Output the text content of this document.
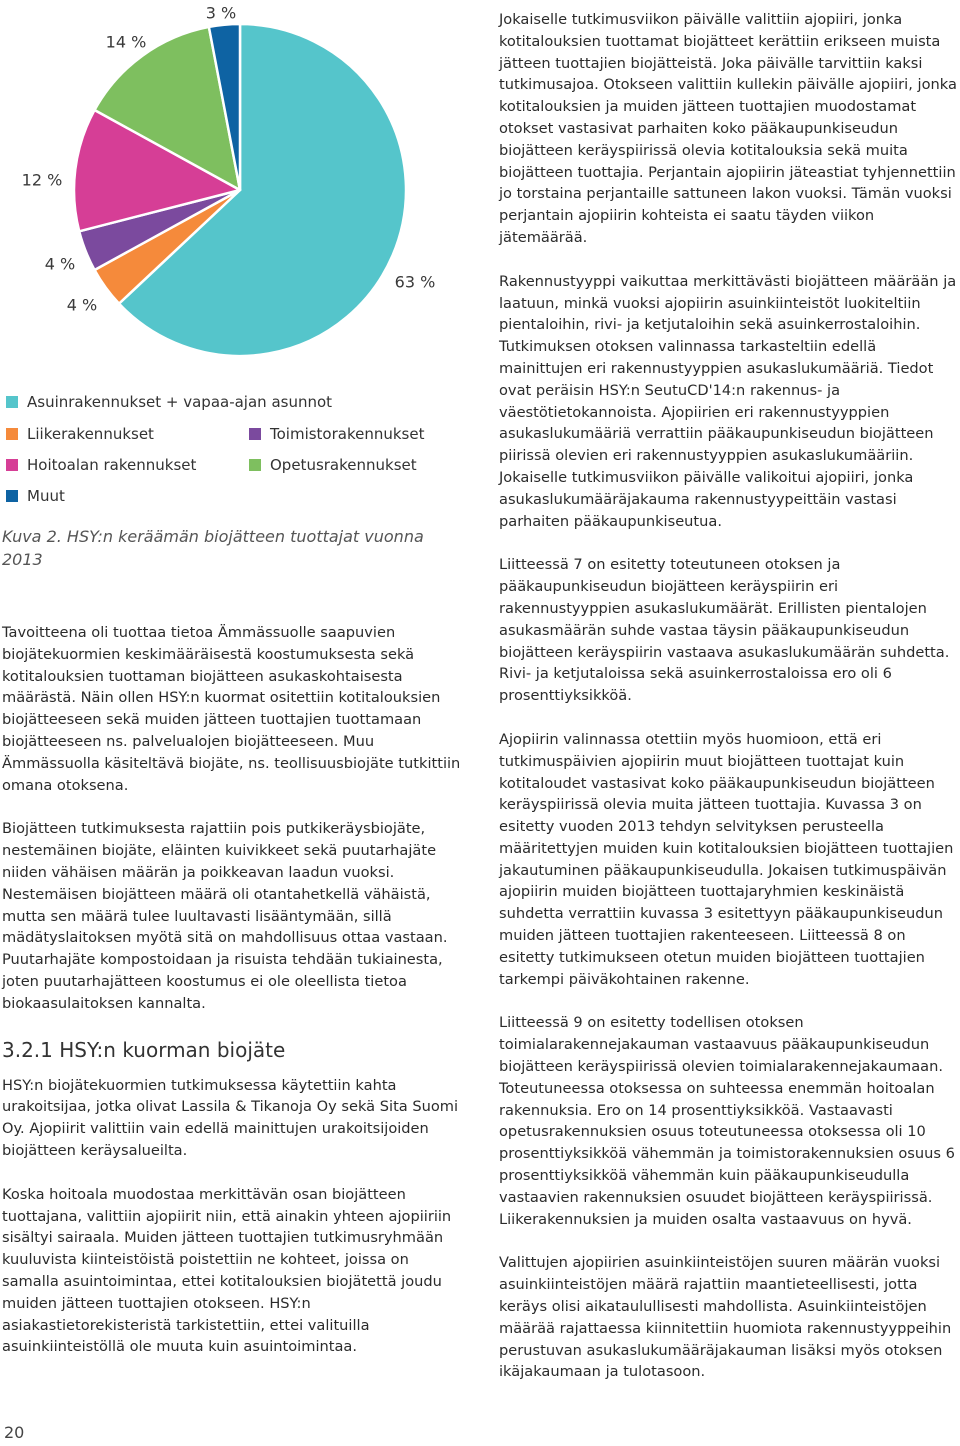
63 %
4 %
4 %
12 %
14 %
3 %
Asuinrakennukset + vapaa-ajan asunnot
Liikerakennukset	Toimistorakennukset
Hoitoalan rakennukset	Opetusrakennukset
Muut
Kuva 2. HSY:n keräämän biojätteen tuottajat vuonna 2013

Tavoitteena oli tuottaa tietoa Ämmässuolle saapuvien biojätekuormien keskimääräisestä koostumuksesta sekä kotitalouksien tuottaman biojätteen asukaskohtaisesta määrästä. Näin ollen HSY:n kuormat ositettiin kotitalouksien biojätteeseen sekä muiden jätteen tuottajien tuottamaan biojätteeseen ns. palvelualojen biojätteeseen. Muu Ämmässuolla käsiteltävä biojäte, ns. teollisuusbiojäte tutkittiin omana otoksena.

Biojätteen tutkimuksesta rajattiin pois putkikeräysbiojäte, nestemäinen biojäte, eläinten kuivikkeet sekä puutarhajäte niiden vähäisen määrän ja poikkeavan laadun vuoksi. Nestemäisen biojätteen määrä oli otantahetkellä vähäistä, mutta sen määrä tulee luultavasti lisääntymään, sillä mädätyslaitoksen myötä sitä on mahdollisuus ottaa vastaan. Puutarhajäte kompostoidaan ja risuista tehdään tukiainesta, joten puutarhajätteen koostumus ei ole oleellista tietoa biokaasulaitoksen kannalta.

3.2.1 HSY:n kuorman biojäte

HSY:n biojätekuormien tutkimuksessa käytettiin kahta urakoitsijaa, jotka olivat Lassila & Tikanoja Oy sekä Sita Suomi Oy. Ajopiirit valittiin vain edellä mainittujen urakoitsijoiden biojätteen keräysalueilta.

Koska hoitoala muodostaa merkittävän osan biojätteen tuottajana, valittiin ajopiirit niin, että ainakin yhteen ajopiiriin sisältyi sairaala. Muiden jätteen tuottajien tutkimusryhmään kuuluvista kiinteistöistä poistettiin ne kohteet, joissa on samalla asuintoimintaa, ettei kotitalouksien biojätettä joudu muiden jätteen tuottajien otokseen. HSY:n asiakastietorekisteristä tarkistettiin, ettei valituilla asuinkiinteistöllä ole muuta kuin asuintoimintaa.

Jokaiselle tutkimusviikon päivälle valittiin ajopiiri, jonka kotitalouksien tuottamat biojätteet kerättiin erikseen muista jätteen tuottajien biojätteistä. Joka päivälle tarvittiin kaksi tutkimusajoa. Otokseen valittiin kullekin päivälle ajopiiri, jonka kotitalouksien ja muiden jätteen tuottajien muodostamat otokset vastasivat parhaiten koko pääkaupunkiseudun biojätteen keräyspiirissä olevia kotitalouksia sekä muita biojätteen tuottajia. Perjantain ajopiirin jäteastiat tyhjennettiin jo torstaina perjantaille sattuneen lakon vuoksi. Tämän vuoksi perjantain ajopiirin kohteista ei saatu täyden viikon jätemäärää.

Rakennustyyppi vaikuttaa merkittävästi biojätteen määrään ja laatuun, minkä vuoksi ajopiirin asuinkiinteistöt luokiteltiin pientaloihin, rivi- ja ketjutaloihin sekä asuinkerrostaloihin. Tutkimuksen otoksen valinnassa tarkasteltiin edellä mainittujen eri rakennustyyppien asukaslukumääriä. Tiedot ovat peräisin HSY:n SeutuCD'14:n rakennus- ja väestötietokannoista. Ajopiirien eri rakennustyyppien asukaslukumääriä verrattiin pääkaupunkiseudun biojätteen piirissä olevien eri rakennustyyppien asukaslukumääriin. Jokaiselle tutkimusviikon päivälle valikoitui ajopiiri, jonka asukaslukumääräjakauma rakennustyypeittäin vastasi parhaiten pääkaupunkiseutua.

Liitteessä 7 on esitetty toteutuneen otoksen ja pääkaupunkiseudun biojätteen keräyspiirin eri rakennustyyppien asukaslukumäärät. Erillisten pientalojen asukasmäärän suhde vastaa täysin pääkaupunkiseudun biojätteen keräyspiirin vastaava asukaslukumäärän suhdetta. Rivi- ja ketjutaloissa sekä asuinkerrostaloissa ero oli 6 prosenttiyksikköä.

Ajopiirin valinnassa otettiin myös huomioon, että eri tutkimuspäivien ajopiirin muut biojätteen tuottajat kuin kotitaloudet vastasivat koko pääkaupunkiseudun biojätteen keräyspiirissä olevia muita jätteen tuottajia. Kuvassa 3 on esitetty vuoden 2013 tehdyn selvityksen perusteella määritettyjen muiden kuin kotitalouksien biojätteen tuottajien jakautuminen pääkaupunkiseudulla. Jokaisen tutkimuspäivän ajopiirin muiden biojätteen tuottajaryhmien keskinäistä suhdetta verrattiin kuvassa 3 esitettyyn pääkaupunkiseudun muiden jätteen tuottajien rakenteeseen. Liitteessä 8 on esitetty tutkimukseen otetun muiden biojätteen tuottajien tarkempi päiväkohtainen rakenne.

Liitteessä 9 on esitetty todellisen otoksen toimialarakennejakauman vastaavuus pääkaupunkiseudun biojätteen keräyspiirissä olevien toimialarakennejakaumaan. Toteutuneessa otoksessa on suhteessa enemmän hoitoalan rakennuksia. Ero on 14 prosenttiyksikköä. Vastaavasti opetusrakennuksien osuus toteutuneessa otoksessa oli 10 prosenttiyksikköä vähemmän ja toimistorakennuksien osuus 6 prosenttiyksikköä vähemmän kuin pääkaupunkiseudulla vastaavien rakennuksien osuudet biojätteen keräyspiirissä. Liikerakennuksien ja muiden osalta vastaavuus on hyvä.

Valittujen ajopiirien asuinkiinteistöjen suuren määrän vuoksi asuinkiinteistöjen määrä rajattiin maantieteellisesti, jotta keräys olisi aikataulullisesti mahdollista. Asuinkiinteistöjen määrää rajattaessa kiinnitettiin huomiota rakennustyyppeihin perustuvan asukaslukumääräjakauman lisäksi myös otoksen ikäjakaumaan ja tulotasoon.

20
